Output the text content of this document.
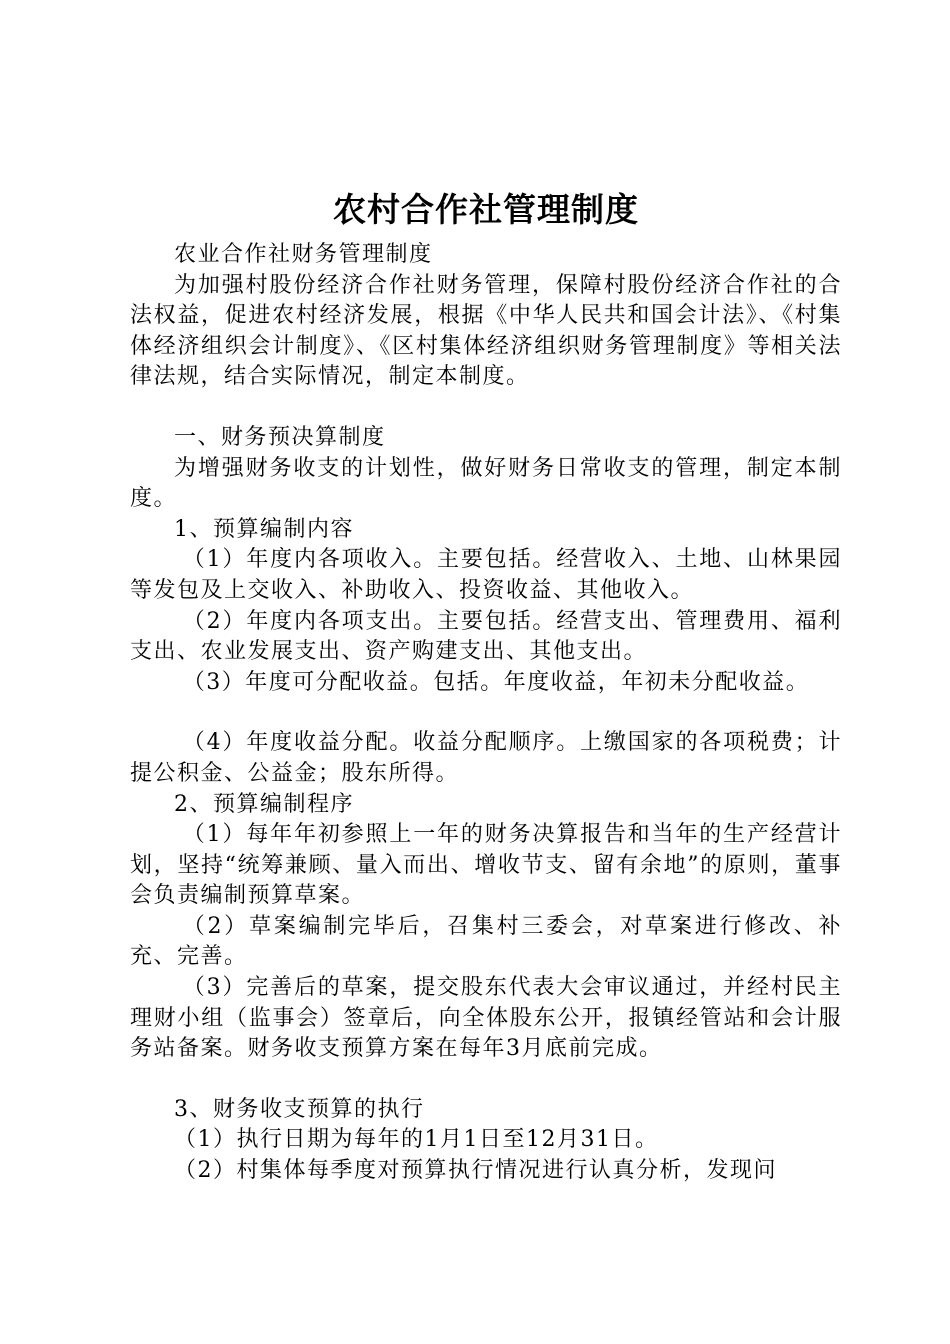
农村合作社管理制度

农业合作社财务管理制度

为加强村股份经济合作社财务管理，保障村股份经济合作社的合法权益，促进农村经济发展，根据《中华人民共和国会计法》、《村集体经济组织会计制度》、《区村集体经济组织财务管理制度》等相关法律法规，结合实际情况，制定本制度。

一、财务预决算制度

为增强财务收支的计划性，做好财务日常收支的管理，制定本制度。

1、预算编制内容

（1）年度内各项收入。主要包括。经营收入、土地、山林果园等发包及上交收入、补助收入、投资收益、其他收入。

（2）年度内各项支出。主要包括。经营支出、管理费用、福利支出、农业发展支出、资产购建支出、其他支出。

（3）年度可分配收益。包括。年度收益，年初未分配收益。

（4）年度收益分配。收益分配顺序。上缴国家的各项税费；计提公积金、公益金；股东所得。

2、预算编制程序

（1）每年年初参照上一年的财务决算报告和当年的生产经营计划，坚持“统筹兼顾、量入而出、增收节支、留有余地”的原则，董事会负责编制预算草案。

（2）草案编制完毕后，召集村三委会，对草案进行修改、补充、完善。

（3）完善后的草案，提交股东代表大会审议通过，并经村民主理财小组（监事会）签章后，向全体股东公开，报镇经管站和会计服务站备案。财务收支预算方案在每年3月底前完成。

3、财务收支预算的执行

（1）执行日期为每年的1月1日至12月31日。

（2）村集体每季度对预算执行情况进行认真分析，发现问
